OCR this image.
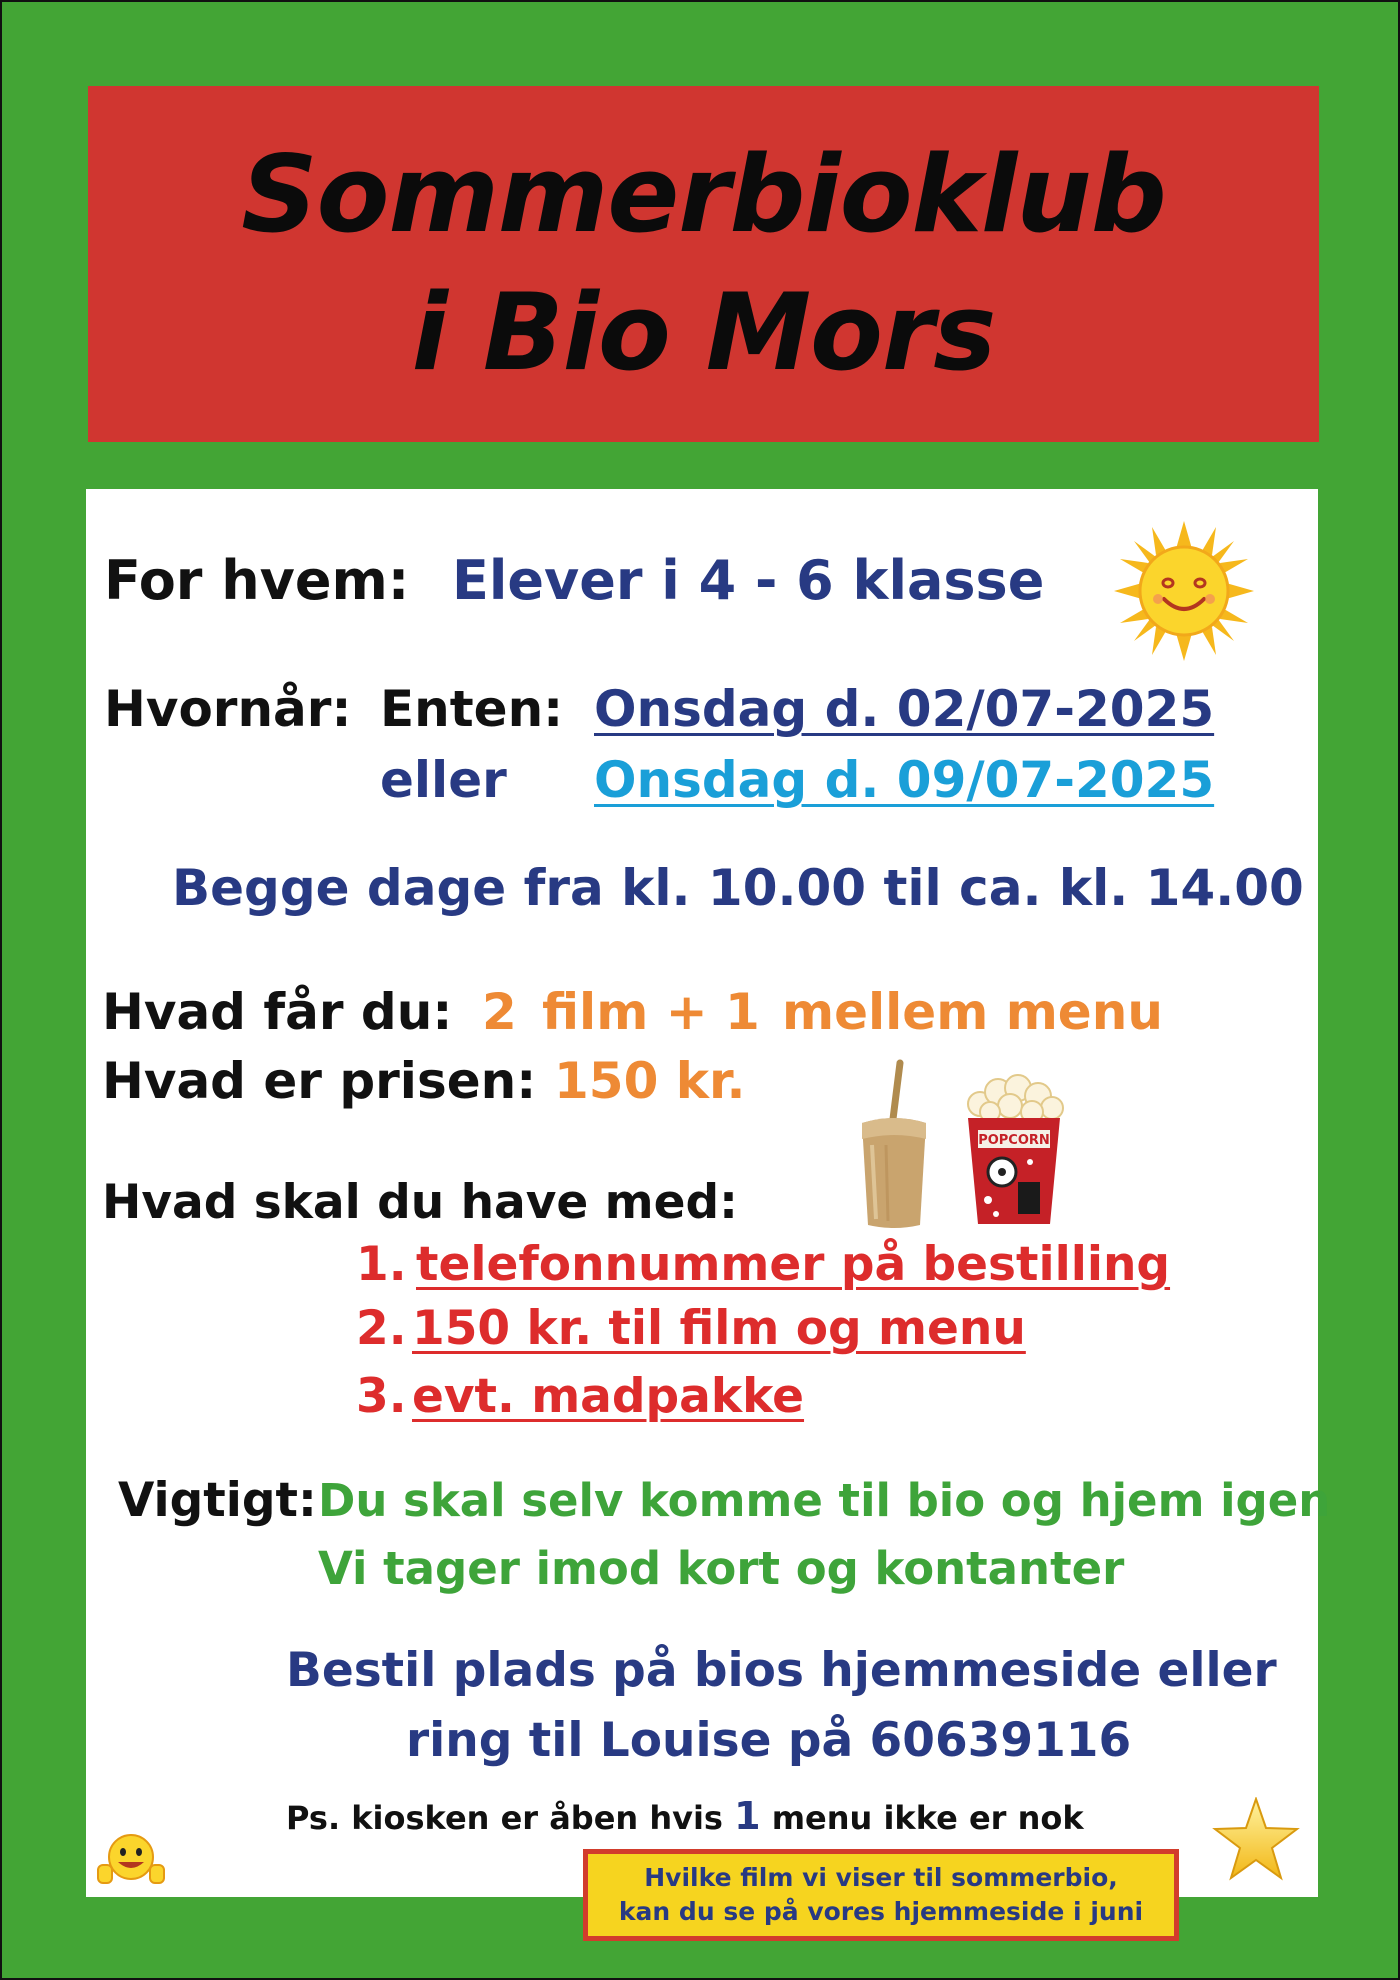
Sommerbioklub
i Bio Mors
For hvem: Elever i 4 - 6 klasse
Hvornår: Enten: Onsdag d. 02/07-2025
eller Onsdag d. 09/07-2025
Begge dage fra kl. 10.00 til ca. kl. 14.00
Hvad får du: 2 film + 1 mellem menu
Hvad er prisen: 150 kr.
POPCORN
Hvad skal du have med:
1. telefonnummer på bestilling
2. 150 kr. til film og menu
3. evt. madpakke
Vigtigt: Du skal selv komme til bio og hjem igen
Vi tager imod kort og kontanter
Bestil plads på bios hjemmeside eller
ring til Louise på 60639116
Ps. kiosken er åben hvis 1 menu ikke er nok
Hvilke film vi viser til sommerbio,
kan du se på vores hjemmeside i juni
